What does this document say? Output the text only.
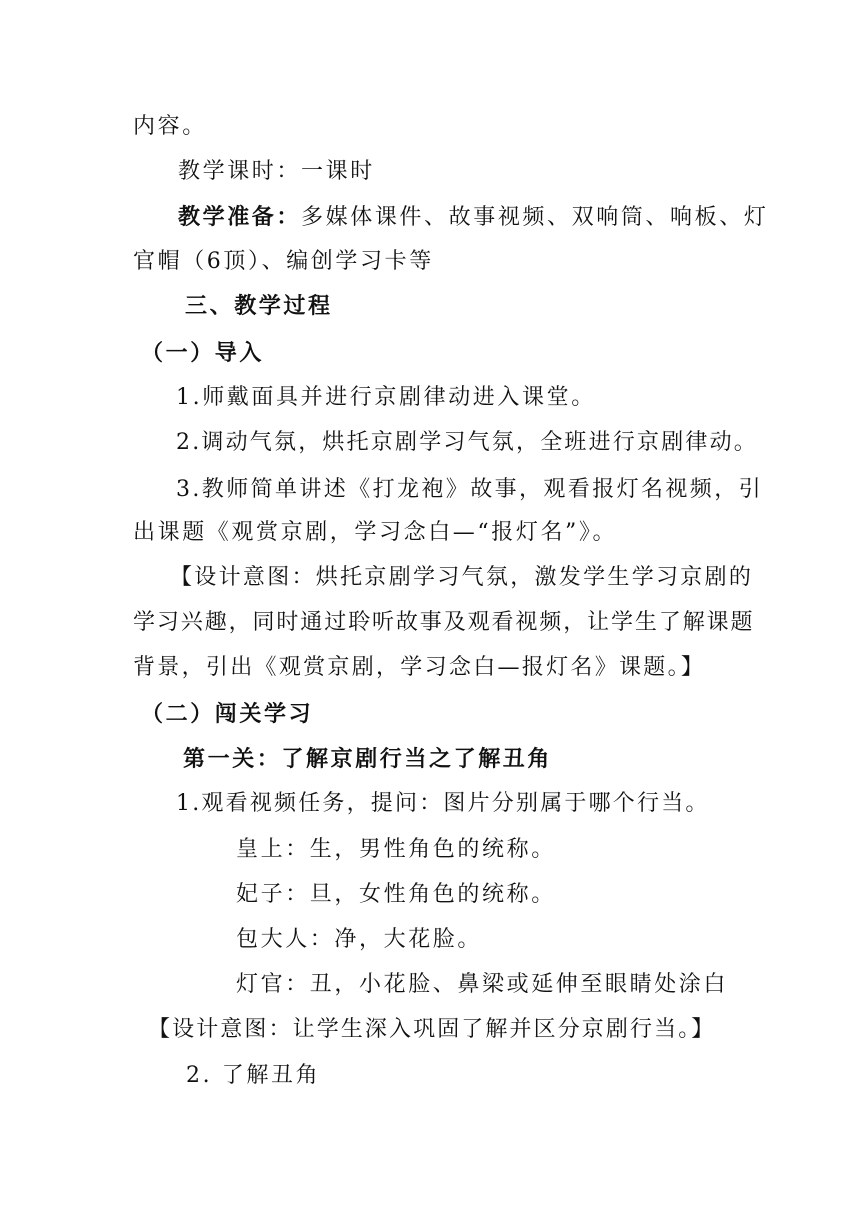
内容。
教学课时：一课时
教学准备：多媒体课件、故事视频、双响筒、响板、灯
官帽（6顶）、编创学习卡等
三、教学过程
（一）导入
1.师戴面具并进行京剧律动进入课堂。
2.调动气氛，烘托京剧学习气氛，全班进行京剧律动。
3.教师简单讲述《打龙袍》故事，观看报灯名视频，引
出课题《观赏京剧，学习念白—“报灯名”》。
【设计意图：烘托京剧学习气氛，激发学生学习京剧的
学习兴趣，同时通过聆听故事及观看视频，让学生了解课题
背景，引出《观赏京剧，学习念白—报灯名》课题。】
（二）闯关学习
第一关：了解京剧行当之了解丑角
1.观看视频任务，提问：图片分别属于哪个行当。
皇上：生，男性角色的统称。
妃子：旦，女性角色的统称。
包大人：净，大花脸。
灯官：丑，小花脸、鼻梁或延伸至眼睛处涂白
【设计意图：让学生深入巩固了解并区分京剧行当。】
2. 了解丑角
